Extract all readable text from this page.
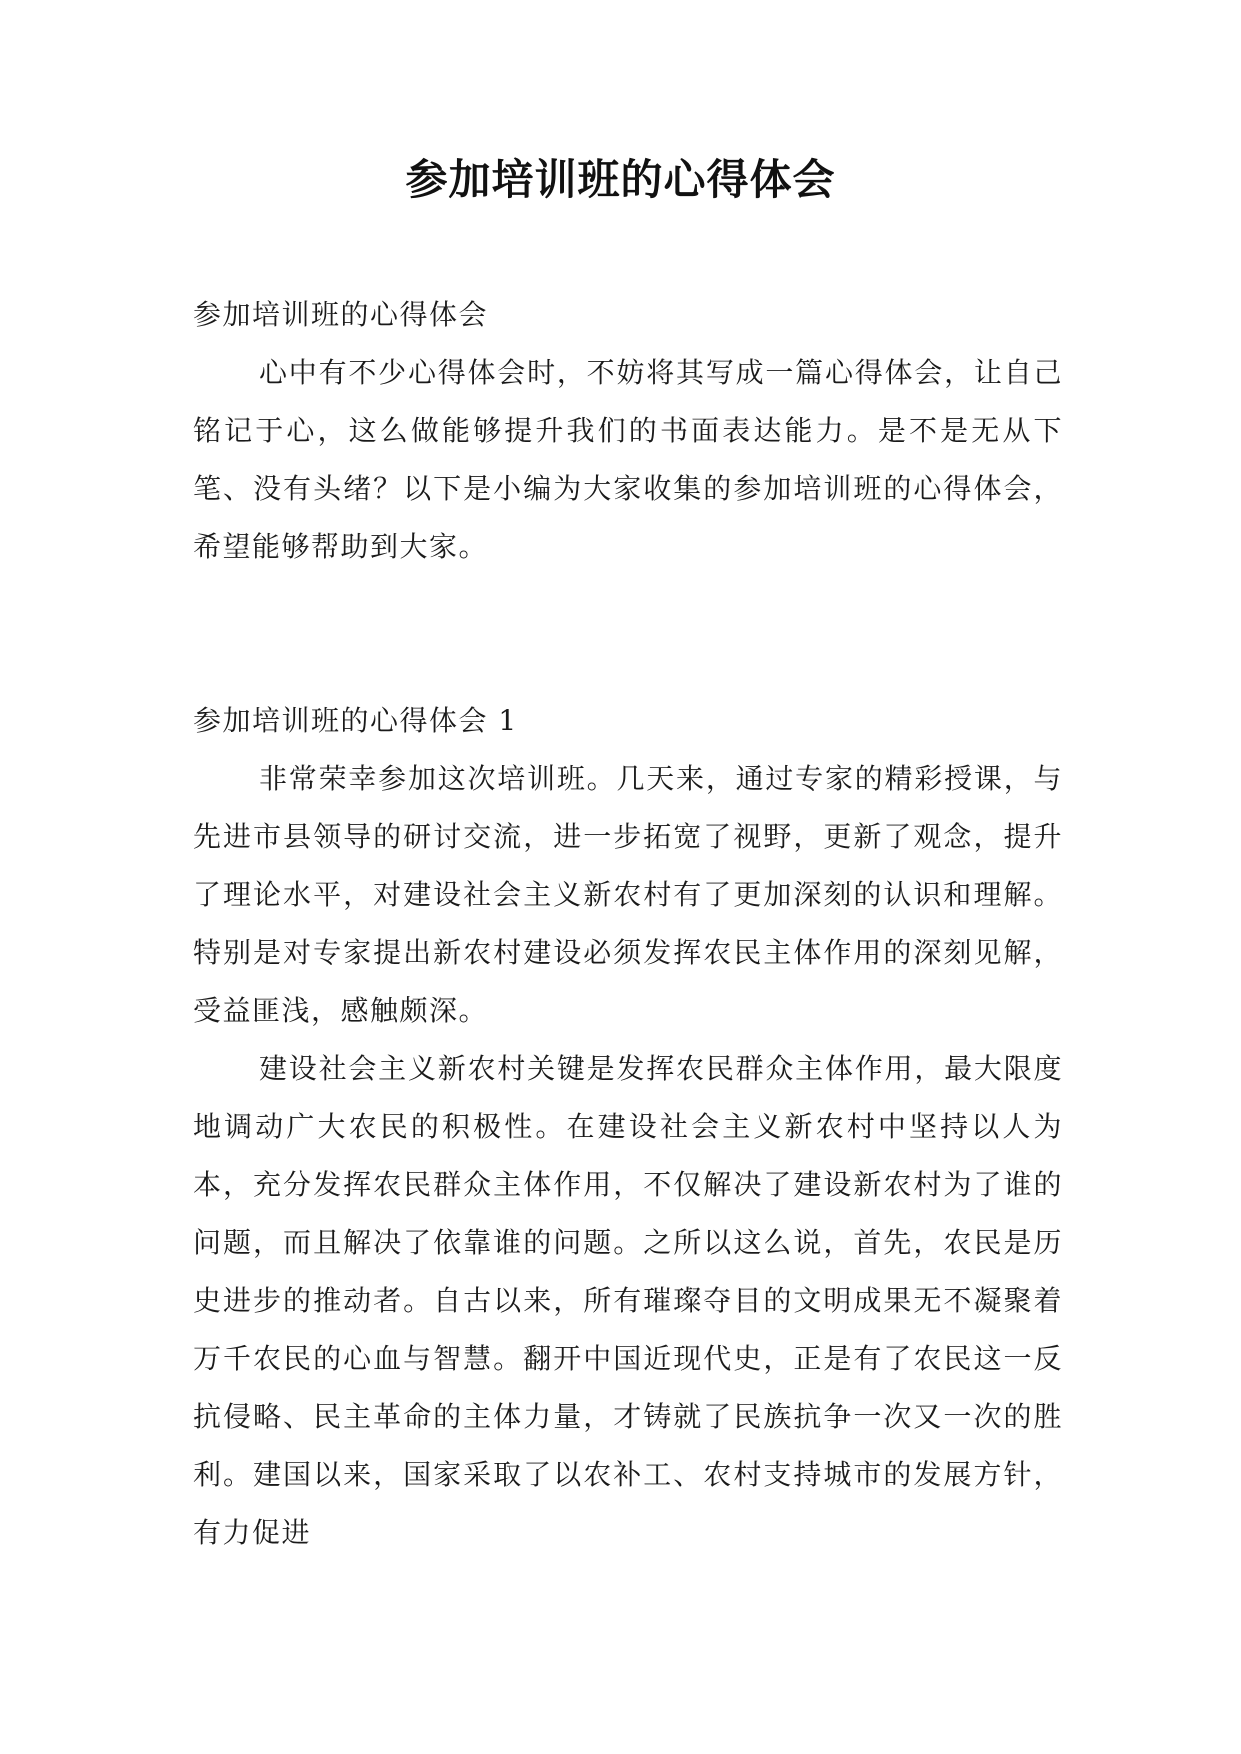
参加培训班的心得体会

参加培训班的心得体会

心中有不少心得体会时，不妨将其写成一篇心得体会，让自己铭记于心，这么做能够提升我们的书面表达能力。是不是无从下笔、没有头绪？以下是小编为大家收集的参加培训班的心得体会，希望能够帮助到大家。

参加培训班的心得体会 1

非常荣幸参加这次培训班。几天来，通过专家的精彩授课，与先进市县领导的研讨交流，进一步拓宽了视野，更新了观念，提升了理论水平，对建设社会主义新农村有了更加深刻的认识和理解。特别是对专家提出新农村建设必须发挥农民主体作用的深刻见解，受益匪浅，感触颇深。

建设社会主义新农村关键是发挥农民群众主体作用，最大限度地调动广大农民的积极性。在建设社会主义新农村中坚持以人为本，充分发挥农民群众主体作用，不仅解决了建设新农村为了谁的问题，而且解决了依靠谁的问题。之所以这么说，首先，农民是历史进步的推动者。自古以来，所有璀璨夺目的文明成果无不凝聚着万千农民的心血与智慧。翻开中国近现代史，正是有了农民这一反抗侵略、民主革命的主体力量，才铸就了民族抗争一次又一次的胜利。建国以来，国家采取了以农补工、农村支持城市的发展方针，有力促进
